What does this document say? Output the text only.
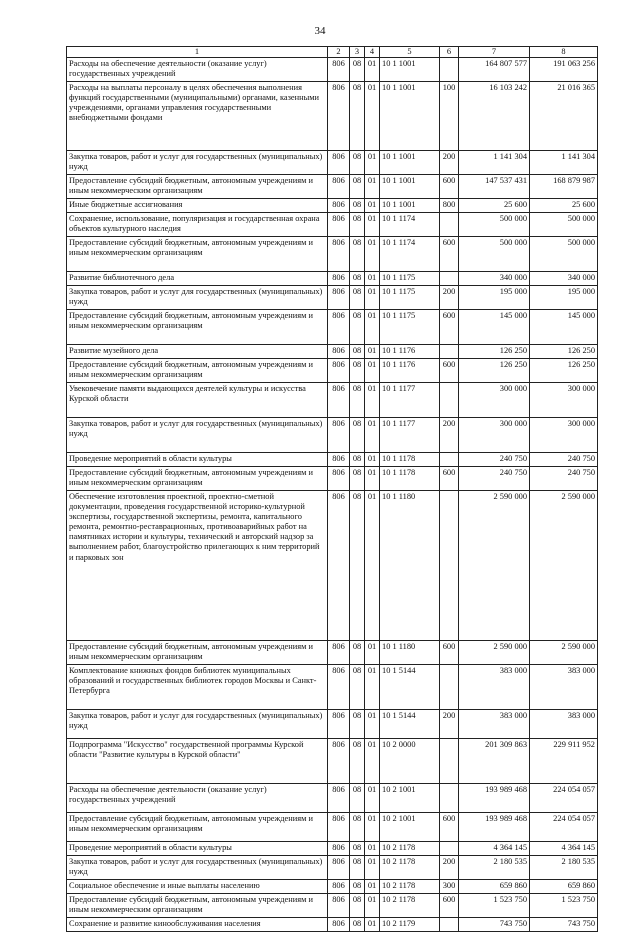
34
1	2	3	4	5	6	7	8
Расходы на обеспечение деятельности (оказание услуг) государственных учреждений	806	08	01	10 1 1001		164 807 577	191 063 256
Расходы на выплаты персоналу в целях обеспечения выполнения функций государственными (муниципальными) органами, казенными учреждениями, органами управления государственными внебюджетными фондами	806	08	01	10 1 1001	100	16 103 242	21 016 365
Закупка товаров, работ и услуг для государственных (муниципальных) нужд	806	08	01	10 1 1001	200	1 141 304	1 141 304
Предоставление субсидий бюджетным, автономным учреждениям и иным некоммерческим организациям	806	08	01	10 1 1001	600	147 537 431	168 879 987
Иные бюджетные ассигнования	806	08	01	10 1 1001	800	25 600	25 600
Сохранение, использование, популяризация и государственная охрана объектов культурного наследия	806	08	01	10 1 1174		500 000	500 000
Предоставление субсидий бюджетным, автономным учреждениям и иным некоммерческим организациям	806	08	01	10 1 1174	600	500 000	500 000
Развитие библиотечного дела	806	08	01	10 1 1175		340 000	340 000
Закупка товаров, работ и услуг для государственных (муниципальных) нужд	806	08	01	10 1 1175	200	195 000	195 000
Предоставление субсидий бюджетным, автономным учреждениям и иным некоммерческим организациям	806	08	01	10 1 1175	600	145 000	145 000
Развитие музейного дела	806	08	01	10 1 1176		126 250	126 250
Предоставление субсидий бюджетным, автономным учреждениям и иным некоммерческим организациям	806	08	01	10 1 1176	600	126 250	126 250
Увековечение памяти выдающихся деятелей культуры и искусства Курской области	806	08	01	10 1 1177		300 000	300 000
Закупка товаров, работ и услуг для государственных (муниципальных) нужд	806	08	01	10 1 1177	200	300 000	300 000
Проведение мероприятий в области культуры	806	08	01	10 1 1178		240 750	240 750
Предоставление субсидий бюджетным, автономным учреждениям и иным некоммерческим организациям	806	08	01	10 1 1178	600	240 750	240 750
Обеспечение изготовления проектной, проектно-сметной документации, проведения государственной историко-культурной экспертизы, государственной экспертизы, ремонта, капитального ремонта, ремонтно-реставрационных, противоаварийных работ на памятниках истории и культуры, технический и авторский надзор за выполнением работ, благоустройство прилегающих к ним территорий и парковых зон	806	08	01	10 1 1180		2 590 000	2 590 000
Предоставление субсидий бюджетным, автономным учреждениям и иным некоммерческим организациям	806	08	01	10 1 1180	600	2 590 000	2 590 000
Комплектование книжных фондов библиотек муниципальных образований и государственных библиотек городов Москвы и Санкт-Петербурга	806	08	01	10 1 5144		383 000	383 000
Закупка товаров, работ и услуг для государственных (муниципальных) нужд	806	08	01	10 1 5144	200	383 000	383 000
Подпрограмма "Искусство" государственной программы Курской области "Развитие культуры в Курской области"	806	08	01	10 2 0000		201 309 863	229 911 952
Расходы на обеспечение деятельности (оказание услуг) государственных учреждений	806	08	01	10 2 1001		193 989 468	224 054 057
Предоставление субсидий бюджетным, автономным учреждениям и иным некоммерческим организациям	806	08	01	10 2 1001	600	193 989 468	224 054 057
Проведение мероприятий в области культуры	806	08	01	10 2 1178		4 364 145	4 364 145
Закупка товаров, работ и услуг для государственных (муниципальных) нужд	806	08	01	10 2 1178	200	2 180 535	2 180 535
Социальное обеспечение и иные выплаты населению	806	08	01	10 2 1178	300	659 860	659 860
Предоставление субсидий бюджетным, автономным учреждениям и иным некоммерческим организациям	806	08	01	10 2 1178	600	1 523 750	1 523 750
Сохранение и развитие кинообслуживания населения	806	08	01	10 2 1179		743 750	743 750
